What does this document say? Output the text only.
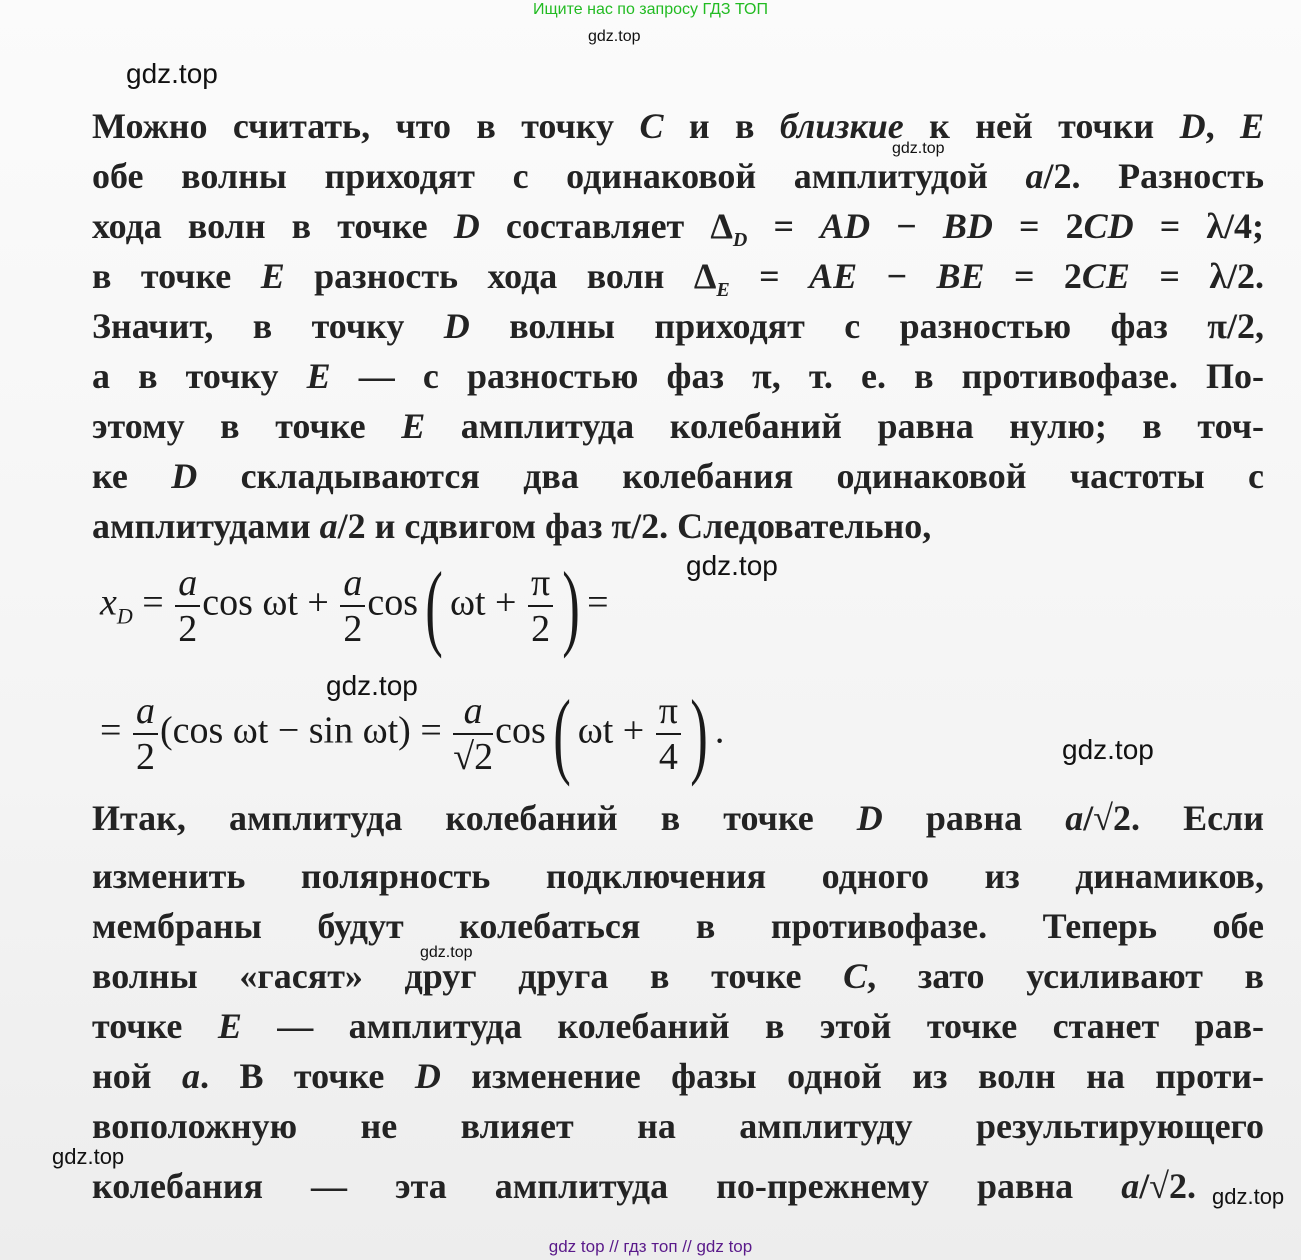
Ищите нас по запросу ГДЗ ТОП
gdz.top
gdz.top
Можно считать, что в точку C и в близкие к ней точки D, E
обе волны приходят с одинаковой амплитудой a/2. Разность
хода волн в точке D составляет $\Delta_D$ = AD − BD = 2CD = λ/4;
в точке E разность хода волн $\Delta_E$ = AE − BE = 2CE = λ/2.
Значит, в точку D волны приходят с разностью фаз π/2,
а в точку E — с разностью фаз π, т. е. в противофазе. По-
этому в точке E амплитуда колебаний равна нулю; в точ-
ке D складываются два колебания одинаковой частоты с
амплитудами a/2 и сдвигом фаз π/2. Следовательно,
gdz.top
$x_D = \frac{a}{2}$ $\cos \omega t + \frac{a}{2} \cos$( $\omega t + \frac{\pi}{2}$ ) =
gdz.top
gdz.top
= $\frac{a}{2} (\cos$ $\omega t - \sin \omega t) = \frac{a}{√2} \cos$( $\omega t + \frac{\pi}{4}$ ) .	gdz.top
Итак, амплитуда колебаний в точке D равна a/√2. Если
изменить полярность подключения одного из динамиков,
мембраны будут колебаться в противофазе. Теперь обе
волны «гасят» друг друга в точке C, зато усиливают в
точке E — амплитуда колебаний в этой точке станет рав-
ной a. В точке D изменение фазы одной из волн на проти-
воположную не влияет на амплитуду результирующего
колебания — эта амплитуда по-прежнему равна a/√2.
gdz.top
gdz.top
gdz.top
gdz top // гдз топ // gdz top
